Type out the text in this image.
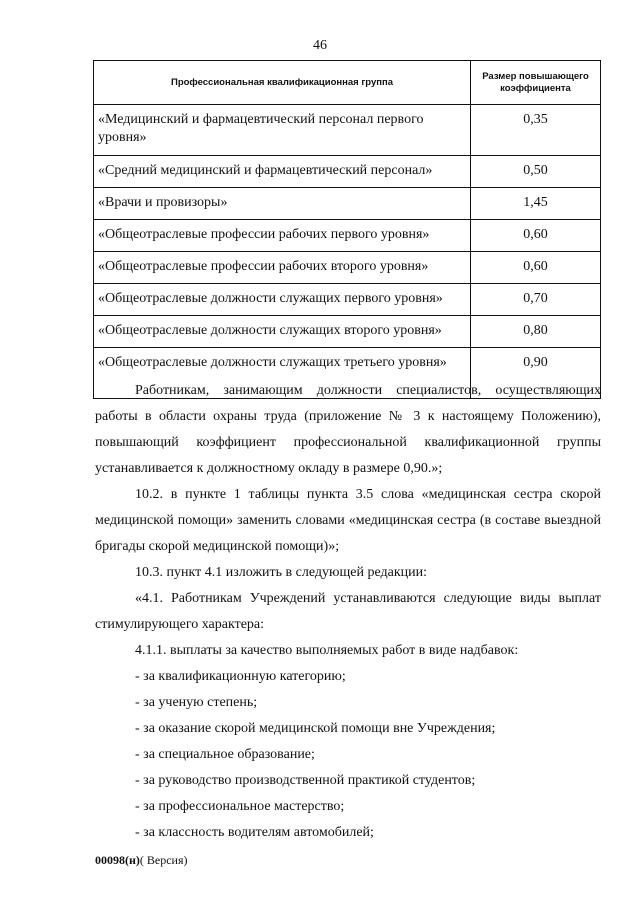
46
Профессиональная квалификационная группа	Размер повышающего коэффициента
«Медицинский и фармацевтический персонал первого уровня»	0,35
«Средний медицинский и фармацевтический персонал»	0,50
«Врачи и провизоры»	1,45
«Общеотраслевые профессии рабочих первого уровня»	0,60
«Общеотраслевые профессии рабочих второго уровня»	0,60
«Общеотраслевые должности служащих первого уровня»	0,70
«Общеотраслевые должности служащих второго уровня»	0,80
«Общеотраслевые должности служащих третьего уровня»	0,90

Работникам, занимающим должности специалистов, осуществляющих работы в области охраны труда (приложение № 3 к настоящему Положению), повышающий коэффициент профессиональной квалификационной группы устанавливается к должностному окладу в размере 0,90.»;

10.2. в пункте 1 таблицы пункта 3.5 слова «медицинская сестра скорой медицинской помощи» заменить словами «медицинская сестра (в составе выездной бригады скорой медицинской помощи)»;

10.3. пункт 4.1 изложить в следующей редакции:

«4.1. Работникам Учреждений устанавливаются следующие виды выплат стимулирующего характера:

4.1.1. выплаты за качество выполняемых работ в виде надбавок:

- за квалификационную категорию;

- за ученую степень;

- за оказание скорой медицинской помощи вне Учреждения;

- за специальное образование;

- за руководство производственной практикой студентов;

- за профессиональное мастерство;

- за классность водителям автомобилей;

00098(н)( Версия)
